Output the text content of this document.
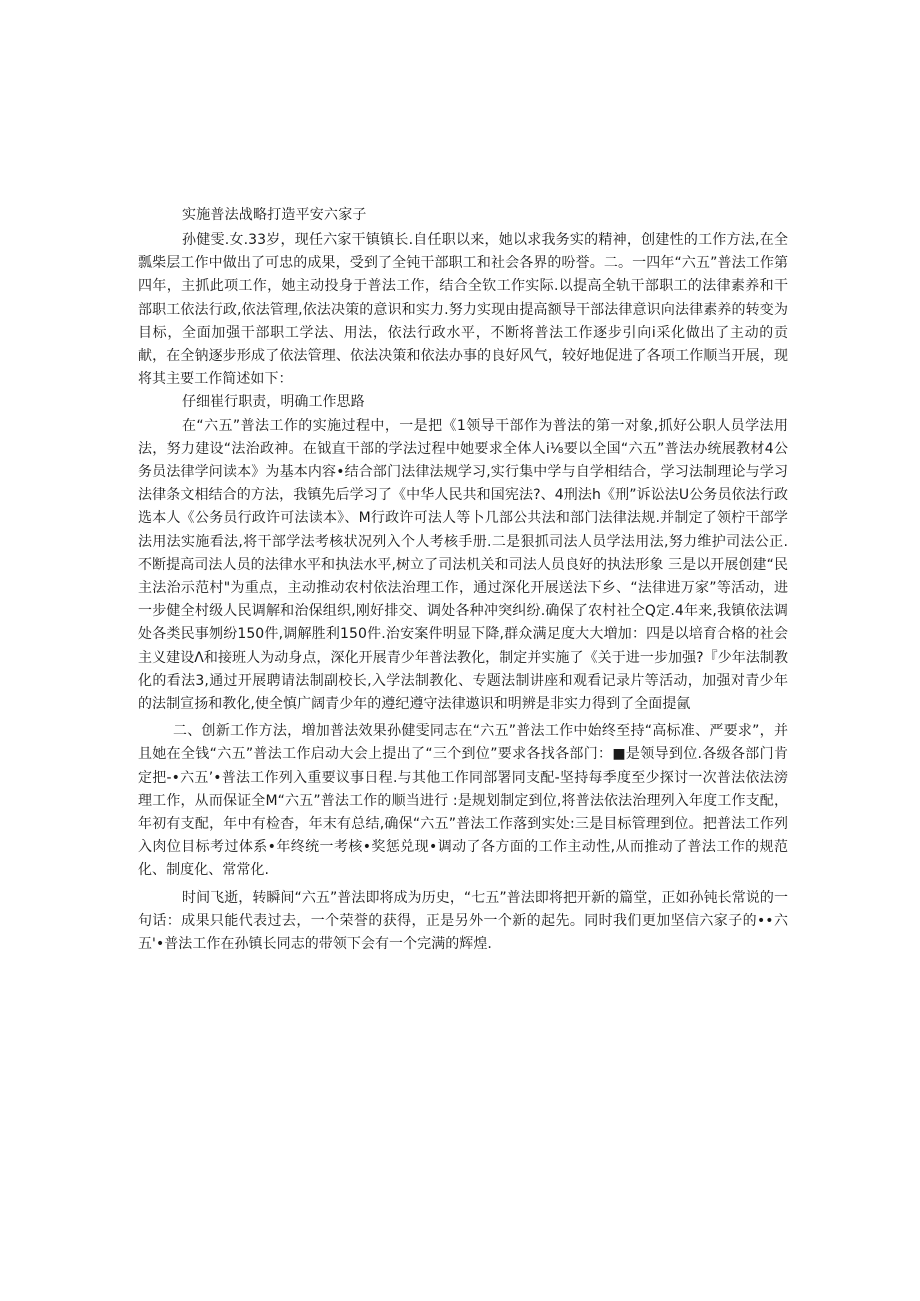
实施普法战略打造平安六家子

孙健雯.女.33岁，现任六家干镇镇长.自任职以来，她以求我务实的精神，创建性的工作方法,在全瓢柴层工作中做出了可忠的成果，受到了全钝干部职工和社会各界的吩誉。二。一四年“六五”普法工作第四年，主抓此项工作，她主动投身于普法工作，结合全钦工作实际.以提高全轨干部职工的法律素养和干部职工依法行政,依法管理,依法决策的意识和实力.努力实现由提高额导干部法律意识向法律素养的转变为目标，全面加强干部职工学法、用法，依法行政水平，不断将普法工作逐步引向i采化做出了主动的贡献，在全钠逐步形成了依法管理、依法决策和依法办事的良好风气，较好地促进了各项工作顺当开展，现将其主要工作简述如下：

仔细崔行职责，明确工作思路

在“六五”普法工作的实施过程中，一是把《1领导干部作为普法的第一对象,抓好公职人员学法用法，努力建设“法治政神。在钺直干部的学法过程中她要求全体人i⅛要以全国“六五”普法办统展教材4公务员法律学问读本》为基本内容•结合部门法律法规学习,实行集中学与自学相结合，学习法制理论与学习法律条文相结合的方法，我镇先后学习了《中华人民共和国宪法?、4刑法h《刑”诉讼法U公务员依法行政选本人《公务员行政许可法读本》、M行政许可法人等卜几部公共法和部门法律法规.并制定了领柠干部学法用法实施看法,将干部学法考核状况列入个人考核手册.二是狠抓司法人员学法用法,努力维护司法公正.不断提高司法人员的法律水平和执法水平,树立了司法机关和司法人员良好的执法形象 三是以开展创建“民主法治示范村"为重点，主动推动农村依法治理工作，通过深化开展送法下乡、“法律进万家”等活动，进一步健全村级人民调解和治保组织,刚好排交、调处各种冲突纠纷.确保了农村社仝Q定.4年来,我镇依法调处各类民事刎纷150件,调解胜利150件.治安案件明显下降,群众满足度大大増加：四是以培育合格的社会主义建设Λ和接班人为动身点，深化开展青少年普法教化，制定并实施了《关于进一步加强?『少年法制教化的看法3,通过开展聘请法制副校长,入学法制教化、专题法制讲座和观看记录片等活动，加强对青少年的法制宣扬和教化,使全慎广阔青少年的遵纪遵守法律遨识和明辨是非实力得到了全面提氤

二、创新工作方法，増加普法效果孙健雯同志在“六五”普法工作中始终至持“高标准、严要求”，并且她在全钱“六五”普法工作启动大会上提出了“三个到位”要求各找各部门：■是领导到位.各级各部门肯定把-•六五’•普法工作列入重要议事日程.与其他工作同部署同支配-坚持每季度至少探讨一次普法依法滂理工作，从而保证全M“六五”普法工作的顺当进行 :是规划制定到位,将普法依法治理列入年度工作支配，年初有支配，年中有检杳，年末有总结,确保“六五”普法工作落到实处:三是目标管理到位。把普法工作列入肉位目标考过体系•年终统一考核•奖惩兑现•调动了各方面的工作主动性,从而推动了普法工作的规范化、制度化、常常化.

时间飞逝，转瞬间“六五”普法即将成为历史，“七五”普法即将把开新的篇堂，正如孙钝长常说的一句话：成果只能代表过去，一个荣誉的获得，正是另外一个新的起先。同时我们更加坚信六家子的••六五'•普法工作在孙镇长同志的带领下会有一个完满的辉煌.
